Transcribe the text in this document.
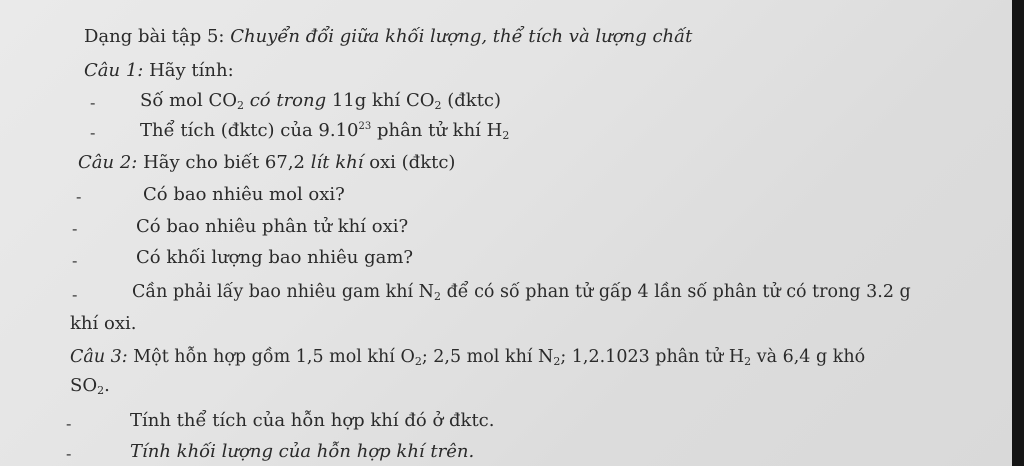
Dạng bài tập 5: Chuyển đổi giữa khối lượng, thể tích và lượng chất
Câu 1: Hãy tính:
- Số mol $CO_2$ có trong 11g khí $CO_2$ (đktc)
- Thể tích (đktc) của 9.10$^{23}$ phân tử khí $H_2$
Câu 2: Hãy cho biết 67,2 lít khí oxi (đktc)
-	Có bao nhiêu mol oxi?
-	Có bao nhiêu phân tử khí oxi?
-	Có khối lượng bao nhiêu gam?
-	Cần phải lấy bao nhiêu gam khí $N_2$ để có số phan tử gấp 4 lần số phân tử có trong 3.2 g
khí oxi.
Câu 3: Một hỗn hợp gồm 1,5 mol khí $O_2$; 2,5 mol khí $N_2$; 1,2.1023 phân tử $H_2$ và 6,4 g khó
$SO_2$.
-	Tính thể tích của hỗn hợp khí đó ở đktc.
-	Tính khối lượng của hỗn hợp khí trên.
